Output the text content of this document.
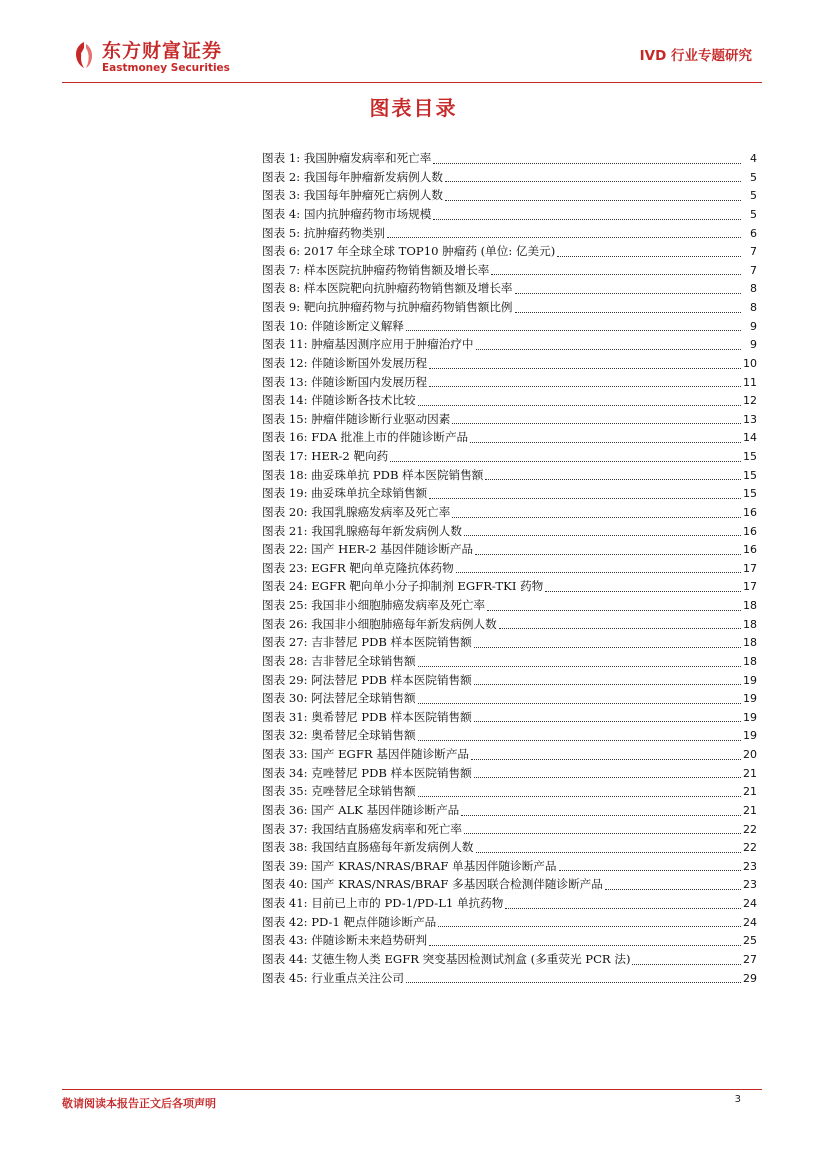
东方财富证券
Eastmoney Securities
IVD 行业专题研究
图表目录
图表 1: 我国肿瘤发病率和死亡率	4
图表 2: 我国每年肿瘤新发病例人数	5
图表 3: 我国每年肿瘤死亡病例人数	5
图表 4: 国内抗肿瘤药物市场规模	5
图表 5: 抗肿瘤药物类别	6
图表 6: 2017 年全球全球 TOP10 肿瘤药 (单位: 亿美元)	7
图表 7: 样本医院抗肿瘤药物销售额及增长率	7
图表 8: 样本医院靶向抗肿瘤药物销售额及增长率	8
图表 9: 靶向抗肿瘤药物与抗肿瘤药物销售额比例	8
图表 10: 伴随诊断定义解释	9
图表 11: 肿瘤基因测序应用于肿瘤治疗中	9
图表 12: 伴随诊断国外发展历程	10
图表 13: 伴随诊断国内发展历程	11
图表 14: 伴随诊断各技术比较	12
图表 15: 肿瘤伴随诊断行业驱动因素	13
图表 16: FDA 批准上市的伴随诊断产品	14
图表 17: HER-2 靶向药	15
图表 18: 曲妥珠单抗 PDB 样本医院销售额	15
图表 19: 曲妥珠单抗全球销售额	15
图表 20: 我国乳腺癌发病率及死亡率	16
图表 21: 我国乳腺癌每年新发病例人数	16
图表 22: 国产 HER-2 基因伴随诊断产品	16
图表 23: EGFR 靶向单克隆抗体药物	17
图表 24: EGFR 靶向单小分子抑制剂 EGFR-TKI 药物	17
图表 25: 我国非小细胞肺癌发病率及死亡率	18
图表 26: 我国非小细胞肺癌每年新发病例人数	18
图表 27: 吉非替尼 PDB 样本医院销售额	18
图表 28: 吉非替尼全球销售额	18
图表 29: 阿法替尼 PDB 样本医院销售额	19
图表 30: 阿法替尼全球销售额	19
图表 31: 奥希替尼 PDB 样本医院销售额	19
图表 32: 奥希替尼全球销售额	19
图表 33: 国产 EGFR 基因伴随诊断产品	20
图表 34: 克唑替尼 PDB 样本医院销售额	21
图表 35: 克唑替尼全球销售额	21
图表 36: 国产 ALK 基因伴随诊断产品	21
图表 37: 我国结直肠癌发病率和死亡率	22
图表 38: 我国结直肠癌每年新发病例人数	22
图表 39: 国产 KRAS/NRAS/BRAF 单基因伴随诊断产品	23
图表 40: 国产 KRAS/NRAS/BRAF 多基因联合检测伴随诊断产品	23
图表 41: 目前已上市的 PD-1/PD-L1 单抗药物	24
图表 42: PD-1 靶点伴随诊断产品	24
图表 43: 伴随诊断未来趋势研判	25
图表 44: 艾德生物人类 EGFR 突变基因检测试剂盒 (多重荧光 PCR 法)	27
图表 45: 行业重点关注公司	29
敬请阅读本报告正文后各项声明	3
